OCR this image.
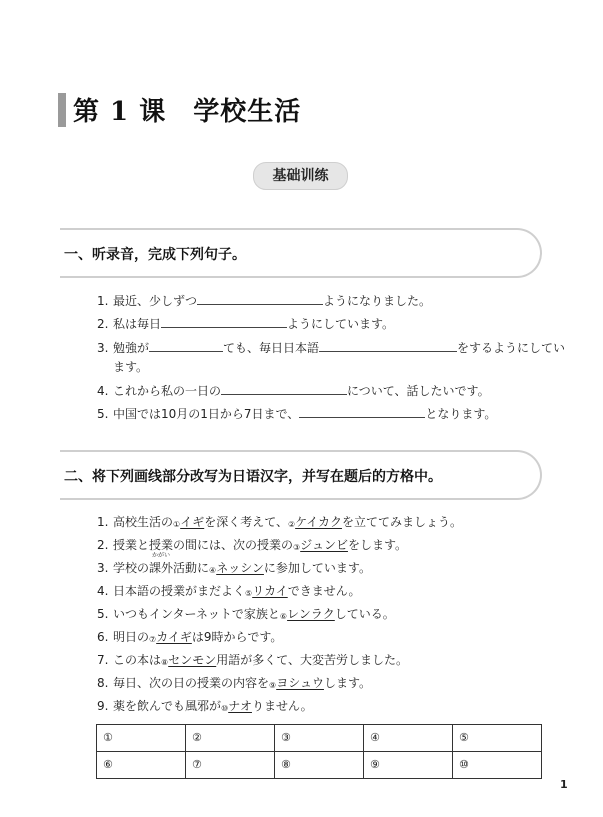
第 1 课　学校生活
基础训练
一、听录音，完成下列句子。
1. 最近、少しずつ	ようになりました。
2. 私は毎日	ようにしています。
3. 勉強が	ても、毎日日本語	をするようにしてい
ます。
4. これから私の一日の	について、話したいです。
5. 中国では10月の1日から7日まで、	となります。
二、将下列画线部分改写为日语汉字，并写在题后的方格中。
1. 高校生活の①イギを深く考えて、②ケイカクを立ててみましょう。
2. 授業と授業の間には、次の授業の③ジュンビをします。
3. 学校の
かがい
課外活動に④ネッシンに参加しています。
4. 日本語の授業がまだよく⑤リカイできません。
5. いつもインターネットで家族と⑥レンラクしている。
6. 明日の⑦カイギは9時からです。
7. この本は⑧センモン用語が多くて、大変苦労しました。
8. 毎日、次の日の授業の内容を⑨ヨシュウします。
9. 薬を飲んでも風邪が⑩ナオりません。
①	②	③	④	⑤
⑥	⑦	⑧	⑨	⑩
1
